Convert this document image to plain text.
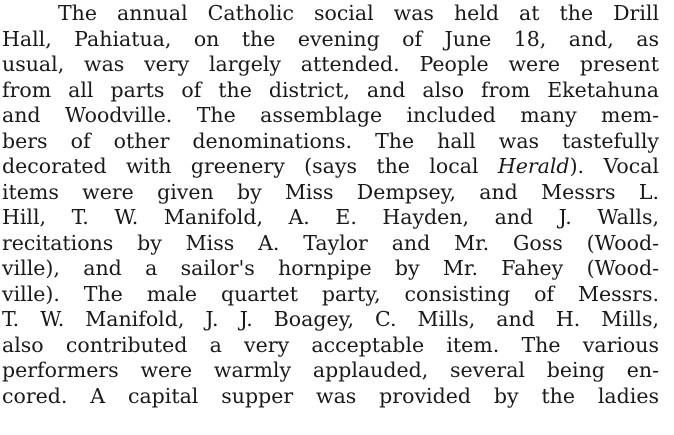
The annual Catholic social was held at the Drill
Hall, Pahiatua, on the evening of June 18, and, as
usual, was very largely attended. People were present
from all parts of the district, and also from Eketahuna
and Woodville. The assemblage included many mem-
bers of other denominations. The hall was tastefully
decorated with greenery (says the local Herald). Vocal
items were given by Miss Dempsey, and Messrs L.
Hill, T. W. Manifold, A. E. Hayden, and J. Walls,
recitations by Miss A. Taylor and Mr. Goss (Wood-
ville), and a sailor's hornpipe by Mr. Fahey (Wood-
ville). The male quartet party, consisting of Messrs.
T. W. Manifold, J. J. Boagey, C. Mills, and H. Mills,
also contributed a very acceptable item. The various
performers were warmly applauded, several being en-
cored. A capital supper was provided by the ladies
